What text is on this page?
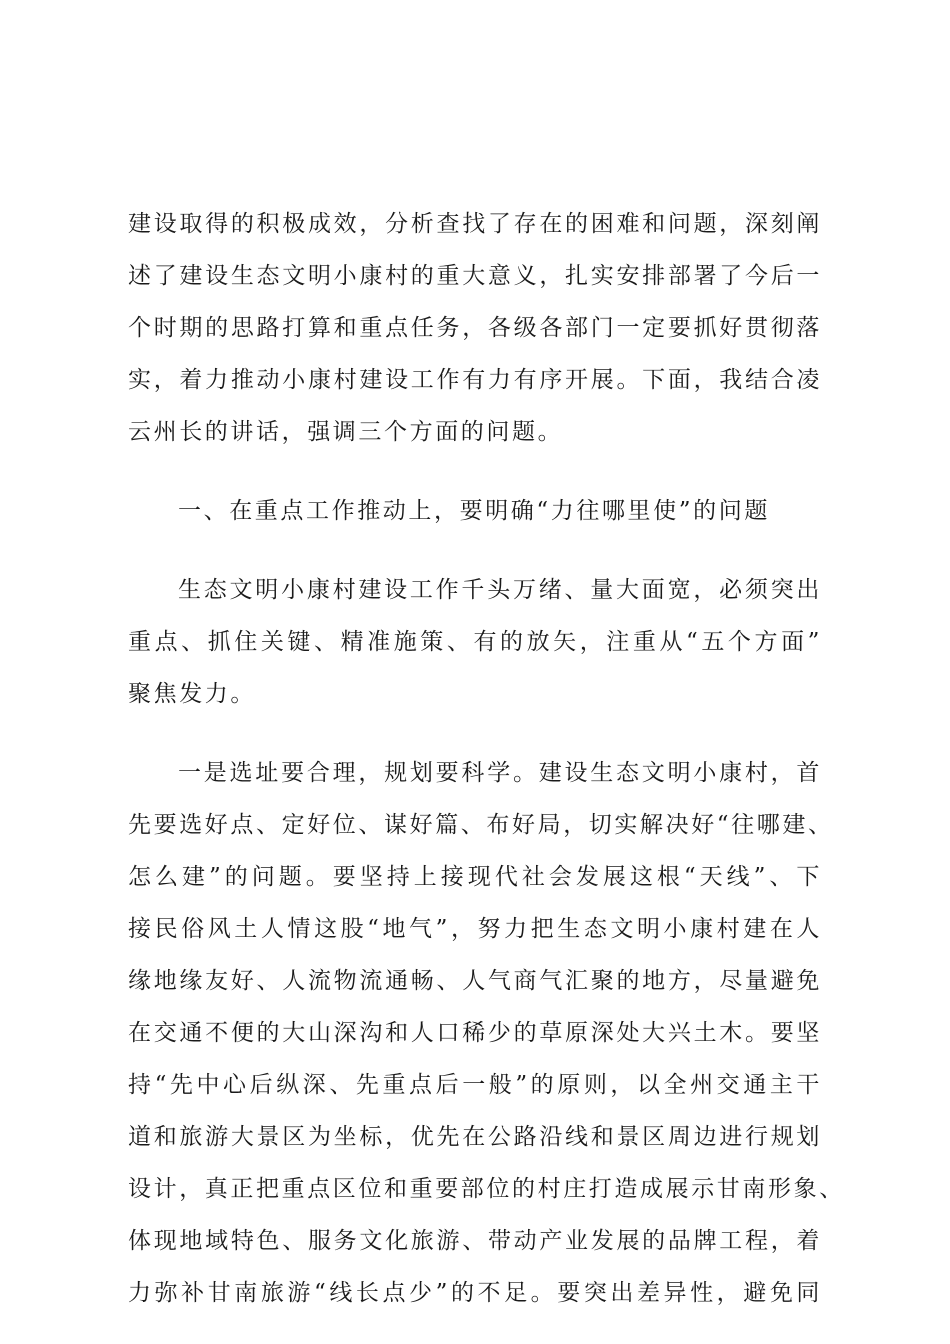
建设取得的积极成效，分析查找了存在的困难和问题，深刻阐
述了建设生态文明小康村的重大意义，扎实安排部署了今后一
个时期的思路打算和重点任务，各级各部门一定要抓好贯彻落
实，着力推动小康村建设工作有力有序开展。下面，我结合凌
云州长的讲话，强调三个方面的问题。
一、在重点工作推动上，要明确“力往哪里使”的问题
生态文明小康村建设工作千头万绪、量大面宽，必须突出
重点、抓住关键、精准施策、有的放矢，注重从“五个方面”
聚焦发力。
一是选址要合理，规划要科学。建设生态文明小康村，首
先要选好点、定好位、谋好篇、布好局，切实解决好“往哪建、
怎么建”的问题。要坚持上接现代社会发展这根“天线”、下
接民俗风土人情这股“地气”，努力把生态文明小康村建在人
缘地缘友好、人流物流通畅、人气商气汇聚的地方，尽量避免
在交通不便的大山深沟和人口稀少的草原深处大兴土木。要坚
持“先中心后纵深、先重点后一般”的原则，以全州交通主干
道和旅游大景区为坐标，优先在公路沿线和景区周边进行规划
设计，真正把重点区位和重要部位的村庄打造成展示甘南形象、
体现地域特色、服务文化旅游、带动产业发展的品牌工程，着
力弥补甘南旅游“线长点少”的不足。要突出差异性，避免同
